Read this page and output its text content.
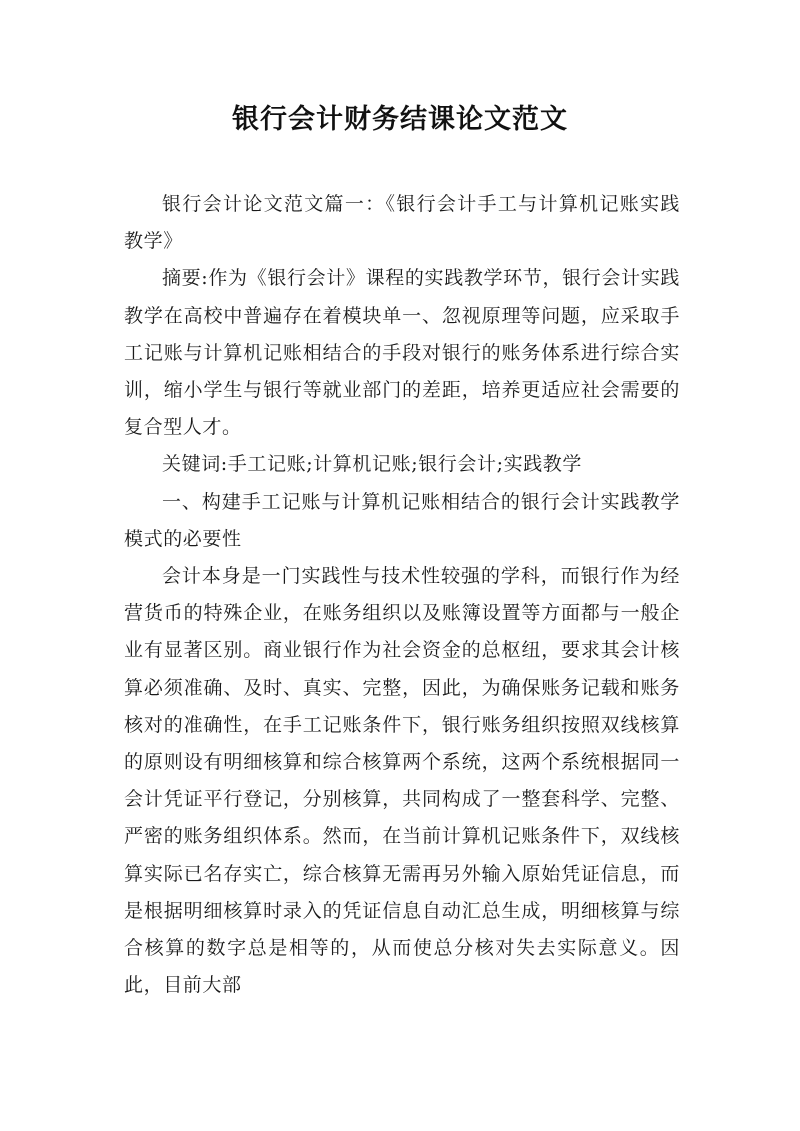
银行会计财务结课论文范文

银行会计论文范文篇一：《银行会计手工与计算机记账实践教学》

摘要:作为《银行会计》课程的实践教学环节，银行会计实践教学在高校中普遍存在着模块单一、忽视原理等问题，应采取手工记账与计算机记账相结合的手段对银行的账务体系进行综合实训，缩小学生与银行等就业部门的差距，培养更适应社会需要的复合型人才。

关键词:手工记账;计算机记账;银行会计;实践教学

一、构建手工记账与计算机记账相结合的银行会计实践教学模式的必要性

会计本身是一门实践性与技术性较强的学科，而银行作为经营货币的特殊企业，在账务组织以及账簿设置等方面都与一般企业有显著区别。商业银行作为社会资金的总枢纽，要求其会计核算必须准确、及时、真实、完整，因此，为确保账务记载和账务核对的准确性，在手工记账条件下，银行账务组织按照双线核算的原则设有明细核算和综合核算两个系统，这两个系统根据同一会计凭证平行登记，分别核算，共同构成了一整套科学、完整、严密的账务组织体系。然而，在当前计算机记账条件下，双线核算实际已名存实亡，综合核算无需再另外输入原始凭证信息，而是根据明细核算时录入的凭证信息自动汇总生成，明细核算与综合核算的数字总是相等的，从而使总分核对失去实际意义。因此，目前大部
